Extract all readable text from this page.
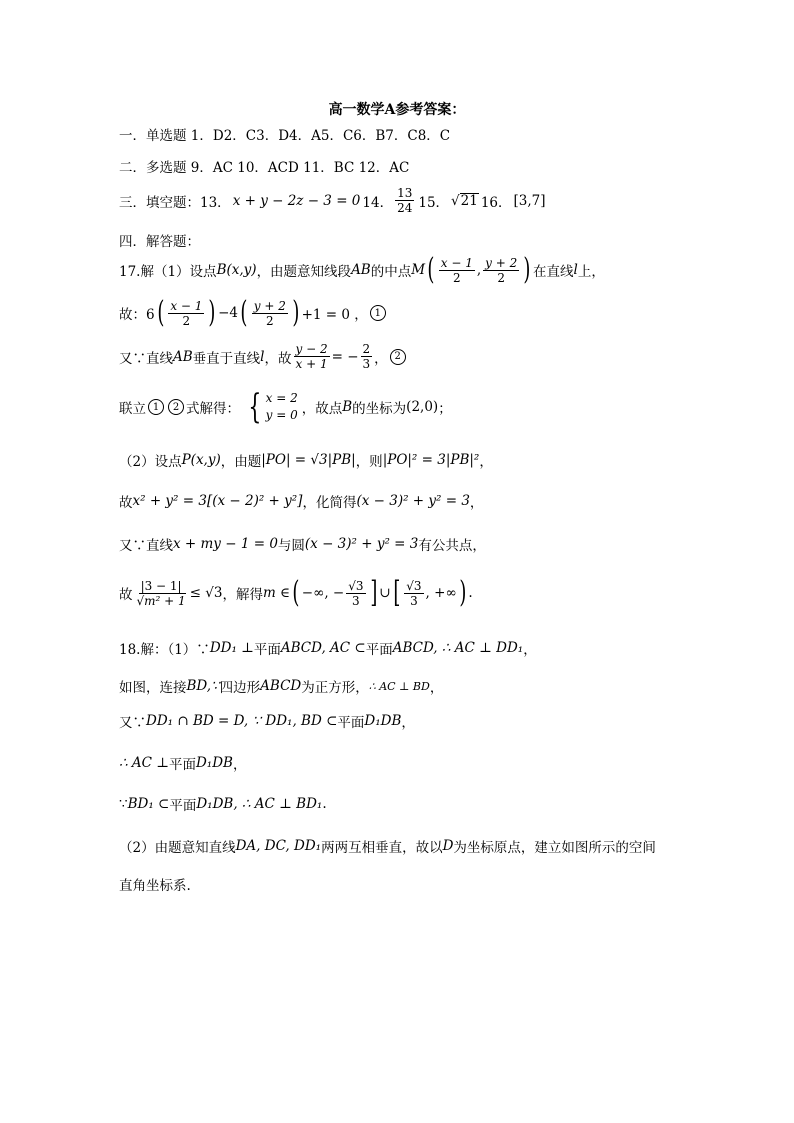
高一数学A参考答案：
一．单选题 1．D2．C3．D4．A5．C6．B7．C8．C
二．多选题 9．AC 10．ACD 11．BC 12．AC
三．填空题：13． x + y − 2z − 3 = 0 14． $\frac{13}{24} 15$． √ 21 16． [3,7]
四．解答题：
17.解（1）设点 B(x,y) ，由题意知线段 AB 的中点 M ( $\frac{x - 1}{2}$ , $\frac{y + 2}{2}$ ) 在直线 l 上，
故：6 ( $\frac{x - 1}{2}$ ) −4 ( $\frac{y + 2}{2}$ ) +1 = 0 ， 1
又∵直线 AB 垂直于直线 l ，故 $\frac{y - 2}{x + 1}$ = − $\frac{2}{3}$ ， 2
联立 1	2 式解得： { x = 2
y = 0 ，故点 B 的坐标为 (2,0) ；
（2）设点 P(x,y) ，由题 |PO| = √3|PB| ，则 |PO|² = 3|PB|² ，
故 x² + y² = 3[(x − 2)² + y²] ，化简得 (x − 3)² + y² = 3 ，
又∵直线 x + my − 1 = 0 与圆 (x − 3)² + y² = 3 有公共点，
故 $\frac{|3 - 1|}{\text{√m² + 1}} \le √3$ ，解得 m ∈ ( −∞, − $\frac{√3}{3}$ ] ∪ [ $\frac{√3}{3}$ , +∞ ) .
18.解：（1）∵ DD₁ ⊥ 平面 ABCD, AC ⊂ 平面 ABCD, ∴ AC ⊥ DD₁ ，
如图，连接 BD,∵ 四边形 ABCD 为正方形， ∴ AC ⊥ BD ，
又∵ DD₁ ∩ BD = D, ∵ DD₁, BD ⊂ 平面 D₁DB ，
∴ AC ⊥ 平面 D₁DB ，
∵ BD₁ ⊂ 平面 D₁DB, ∴ AC ⊥ BD₁ .
（2）由题意知直线 DA, DC, DD₁ 两两互相垂直，故以 D 为坐标原点，建立如图所示的空间
直角坐标系.
